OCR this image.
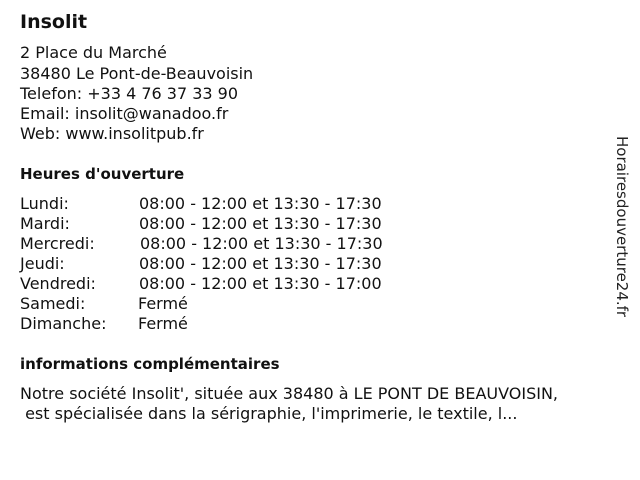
Insolit
2 Place du Marché
38480 Le Pont-de-Beauvoisin
Telefon: +33 4 76 37 33 90
Email: insolit@wanadoo.fr
Web: www.insolitpub.fr
Heures d'ouverture
Lundi:	08:00 - 12:00 et 13:30 - 17:30
Mardi:	08:00 - 12:00 et 13:30 - 17:30
Mercredi:	08:00 - 12:00 et 13:30 - 17:30
Jeudi:	08:00 - 12:00 et 13:30 - 17:30
Vendredi:	08:00 - 12:00 et 13:30 - 17:00
Samedi:	Fermé
Dimanche: Fermé
informations complémentaires
Notre société Insolit', située aux 38480 à LE PONT DE BEAUVOISIN,
est spécialisée dans la sérigraphie, l'imprimerie, le textile, l...
Horairesdouverture24.fr
